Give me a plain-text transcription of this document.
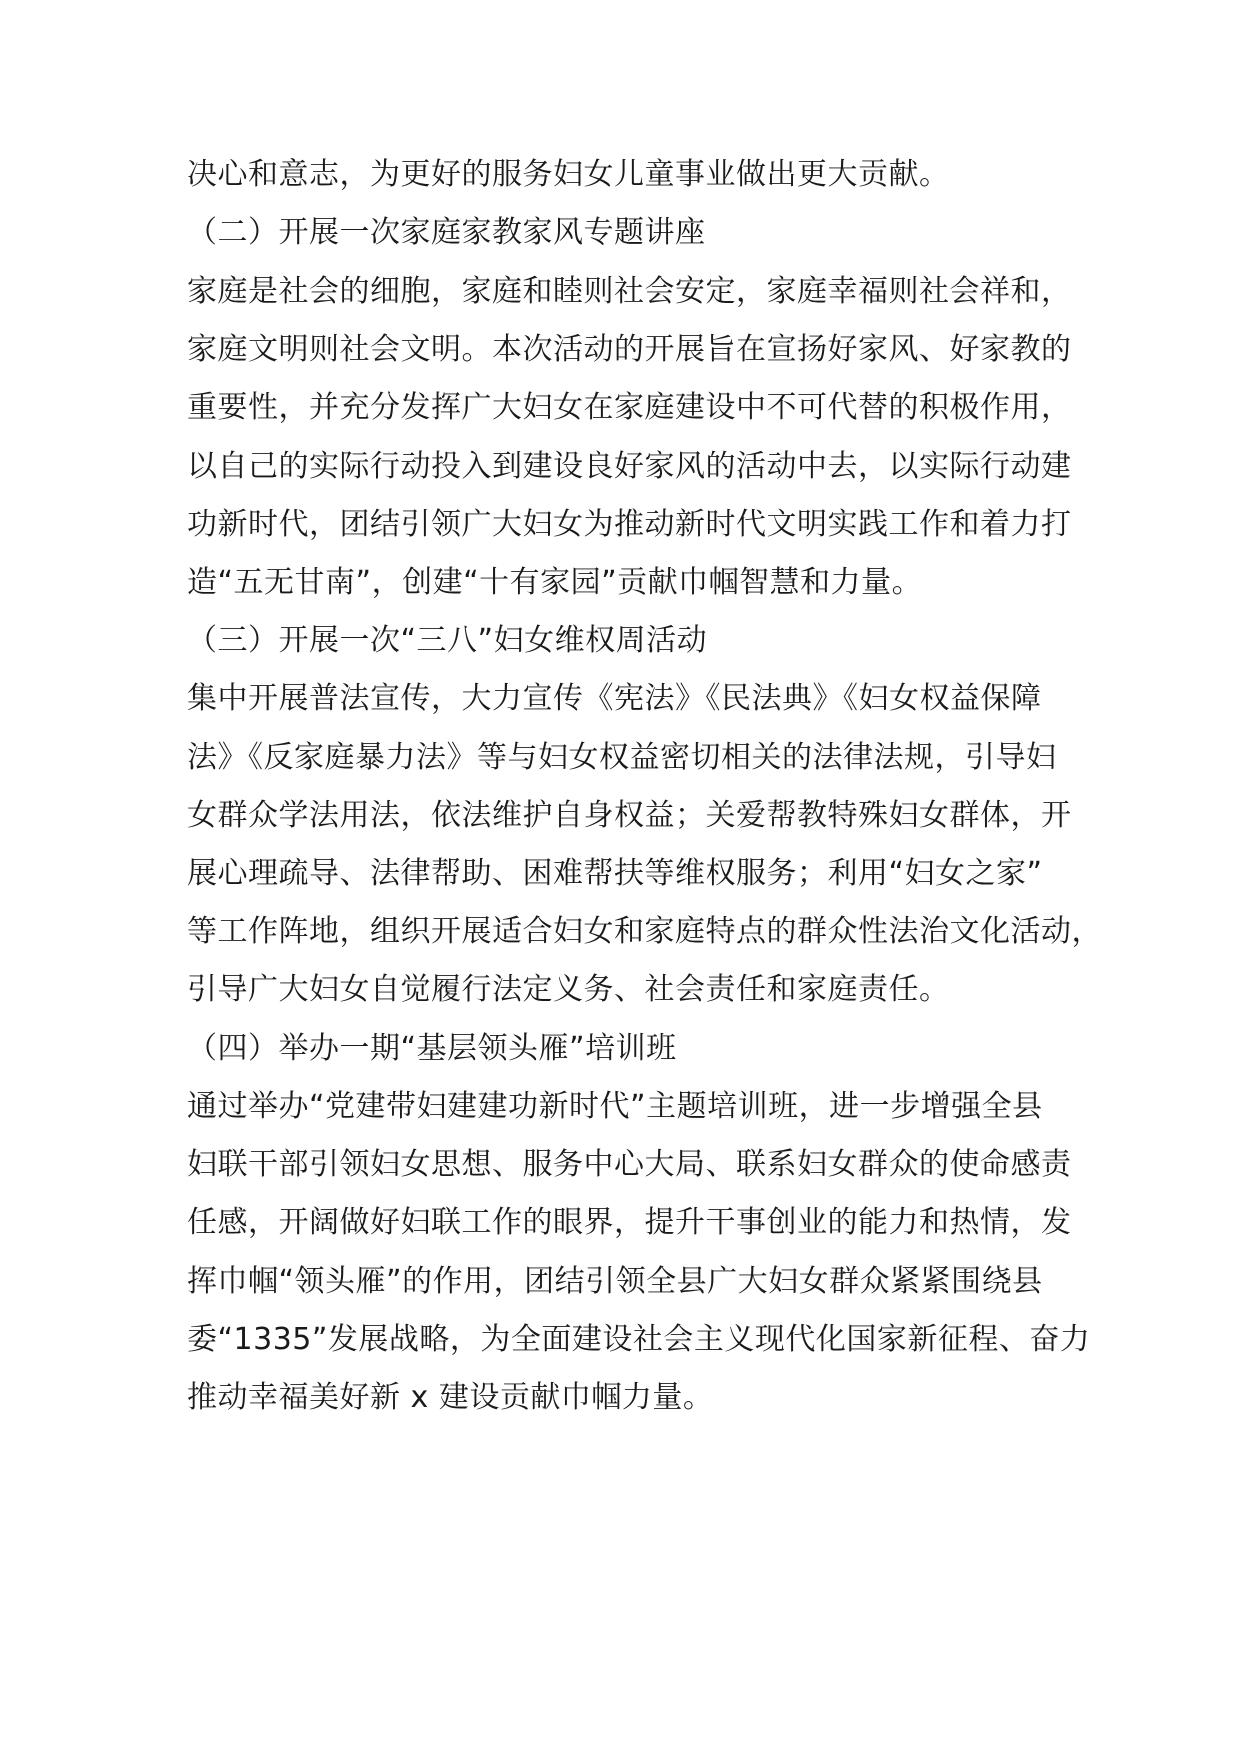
决心和意志，为更好的服务妇女儿童事业做出更大贡献。
（二）开展一次家庭家教家风专题讲座
家庭是社会的细胞，家庭和睦则社会安定，家庭幸福则社会祥和，
家庭文明则社会文明。本次活动的开展旨在宣扬好家风、好家教的
重要性，并充分发挥广大妇女在家庭建设中不可代替的积极作用，
以自己的实际行动投入到建设良好家风的活动中去，以实际行动建
功新时代，团结引领广大妇女为推动新时代文明实践工作和着力打
造“五无甘南”，创建“十有家园”贡献巾帼智慧和力量。
（三）开展一次“三八”妇女维权周活动
集中开展普法宣传，大力宣传《宪法》《民法典》《妇女权益保障
法》《反家庭暴力法》等与妇女权益密切相关的法律法规，引导妇
女群众学法用法，依法维护自身权益；关爱帮教特殊妇女群体，开
展心理疏导、法律帮助、困难帮扶等维权服务；利用“妇女之家”
等工作阵地，组织开展适合妇女和家庭特点的群众性法治文化活动，
引导广大妇女自觉履行法定义务、社会责任和家庭责任。
（四）举办一期“基层领头雁”培训班
通过举办“党建带妇建建功新时代”主题培训班，进一步增强全县
妇联干部引领妇女思想、服务中心大局、联系妇女群众的使命感责
任感，开阔做好妇联工作的眼界，提升干事创业的能力和热情，发
挥巾帼“领头雁”的作用，团结引领全县广大妇女群众紧紧围绕县
委“1335”发展战略，为全面建设社会主义现代化国家新征程、奋力
推动幸福美好新 x 建设贡献巾帼力量。
